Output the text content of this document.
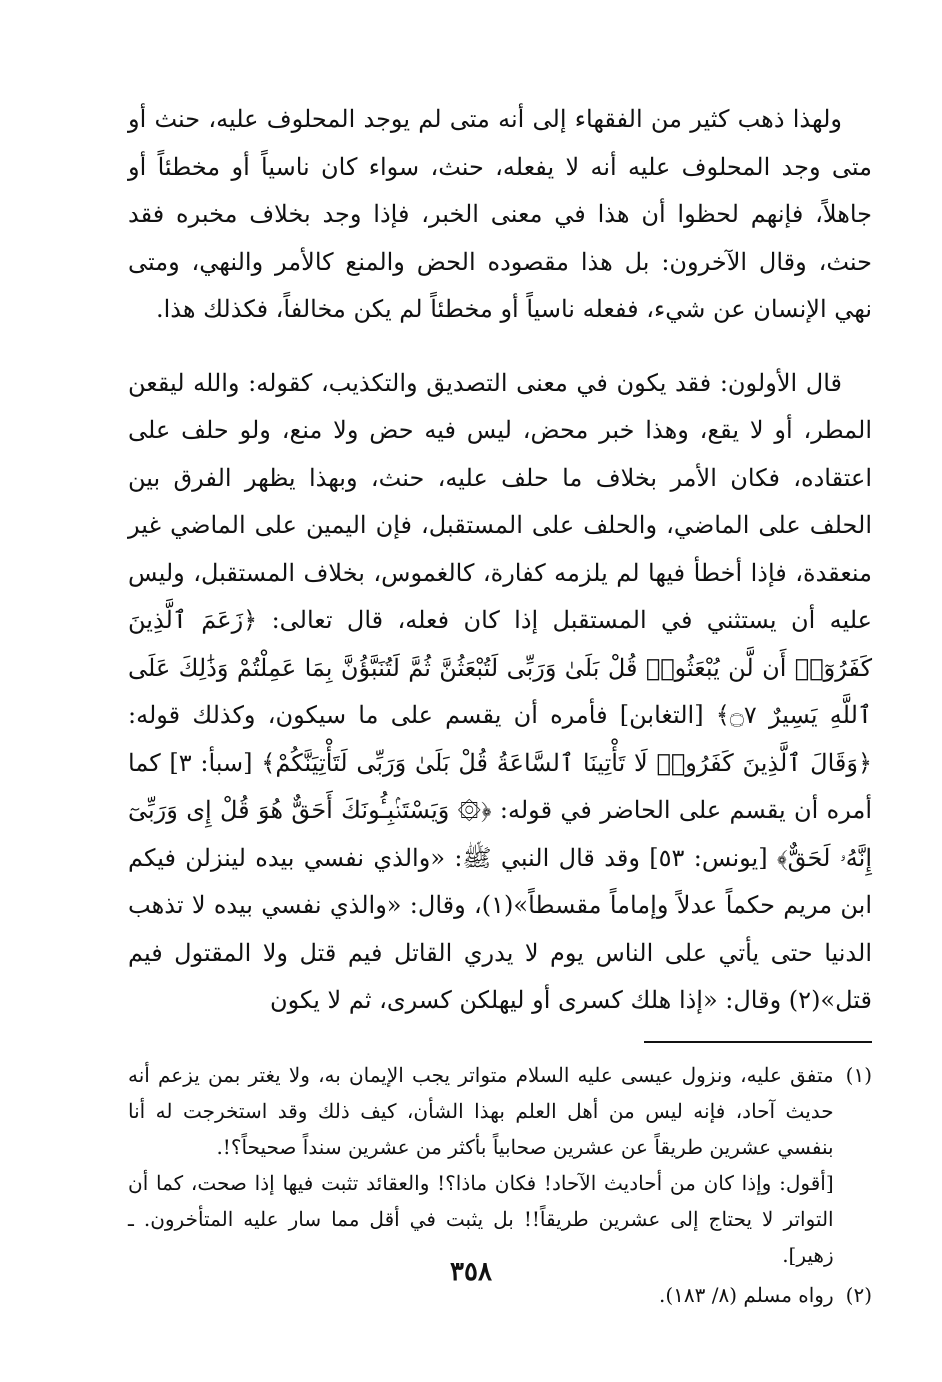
ولهذا ذهب كثير من الفقهاء إلى أنه متى لم يوجد المحلوف عليه، حنث أو متى وجد المحلوف عليه أنه لا يفعله، حنث، سواء كان ناسياً أو مخطئاً أو جاهلاً، فإنهم لحظوا أن هذا في معنى الخبر، فإذا وجد بخلاف مخبره فقد حنث، وقال الآخرون: بل هذا مقصوده الحض والمنع كالأمر والنهي، ومتى نهي الإنسان عن شيء، ففعله ناسياً أو مخطئاً لم يكن مخالفاً، فكذلك هذا.

قال الأولون: فقد يكون في معنى التصديق والتكذيب، كقوله: والله ليقعن المطر، أو لا يقع، وهذا خبر محض، ليس فيه حض ولا منع، ولو حلف على اعتقاده، فكان الأمر بخلاف ما حلف عليه، حنث، وبهذا يظهر الفرق بين الحلف على الماضي، والحلف على المستقبل، فإن اليمين على الماضي غير منعقدة، فإذا أخطأ فيها لم يلزمه كفارة، كالغموس، بخلاف المستقبل، وليس عليه أن يستثني في المستقبل إذا كان فعله، قال تعالى: ﴿زَعَمَ ٱلَّذِينَ كَفَرُوٓا۟ أَن لَّن يُبْعَثُوا۟ قُلْ بَلَىٰ وَرَبِّى لَتُبْعَثُنَّ ثُمَّ لَتُنَبَّؤُنَّ بِمَا عَمِلْتُمْ وَذَٰلِكَ عَلَى ٱللَّهِ يَسِيرٌ ۝٧﴾ [التغابن] فأمره أن يقسم على ما سيكون، وكذلك قوله: ﴿وَقَالَ ٱلَّذِينَ كَفَرُوا۟ لَا تَأْتِينَا ٱلسَّاعَةُ قُلْ بَلَىٰ وَرَبِّى لَتَأْتِيَنَّكُمْ﴾ [سبأ: ٣] كما أمره أن يقسم على الحاضر في قوله: ﴿۞ وَيَسْتَنۢبِـُٔونَكَ أَحَقٌّ هُوَ قُلْ إِى وَرَبِّىٓ إِنَّهُۥ لَحَقٌّ﴾ [يونس: ٥٣] وقد قال النبي ﷺ: «والذي نفسي بيده لينزلن فيكم ابن مريم حكماً عدلاً وإماماً مقسطاً»(١)، وقال: «والذي نفسي بيده لا تذهب الدنيا حتى يأتي على الناس يوم لا يدري القاتل فيم قتل ولا المقتول فيم قتل»(٢) وقال: «إذا هلك كسرى أو ليهلكن كسرى، ثم لا يكون

(١)

متفق عليه، ونزول عيسى عليه السلام متواتر يجب الإيمان به، ولا يغتر بمن يزعم أنه حديث آحاد، فإنه ليس من أهل العلم بهذا الشأن، كيف ذلك وقد استخرجت له أنا بنفسي عشرين طريقاً عن عشرين صحابياً بأكثر من عشرين سنداً صحيحاً؟!.

[أقول: وإذا كان من أحاديث الآحاد! فكان ماذا؟! والعقائد تثبت فيها إذا صحت، كما أن التواتر لا يحتاج إلى عشرين طريقاً!! بل يثبت في أقل مما سار عليه المتأخرون. ـ زهير].

(٢)

رواه مسلم (٨/ ١٨٣).

٣٥٨
